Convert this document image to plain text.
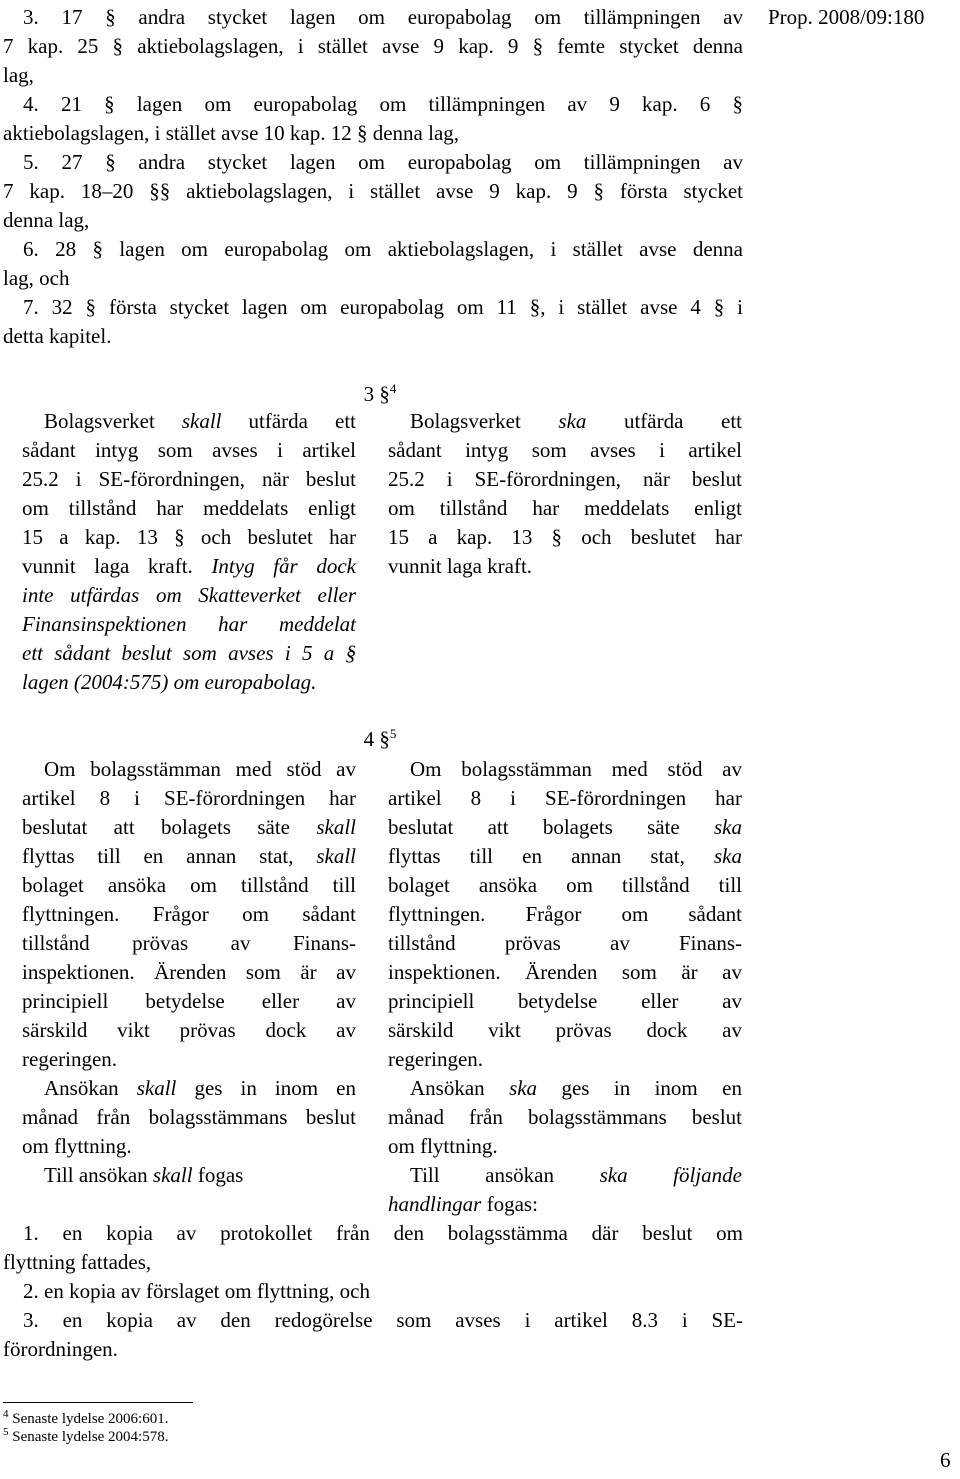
Prop. 2008/09:180
3. 17 § andra stycket lagen om europabolag om tillämpningen av
7 kap. 25 § aktiebolagslagen, i stället avse 9 kap. 9 § femte stycket denna
lag,
4. 21 § lagen om europabolag om tillämpningen av 9 kap. 6 §
aktiebolagslagen, i stället avse 10 kap. 12 § denna lag,
5. 27 § andra stycket lagen om europabolag om tillämpningen av
7 kap. 18–20 §§ aktiebolagslagen, i stället avse 9 kap. 9 § första stycket
denna lag,
6. 28 § lagen om europabolag om aktiebolagslagen, i stället avse denna
lag, och
7. 32 § första stycket lagen om europabolag om 11 §, i stället avse 4 § i
detta kapitel.
3 §$^4$
Bolagsverket skall utfärda ett
sådant intyg som avses i artikel
25.2 i SE-förordningen, när beslut
om tillstånd har meddelats enligt
15 a kap. 13 § och beslutet har
vunnit laga kraft. Intyg får dock
inte utfärdas om Skatteverket eller
Finansinspektionen har meddelat
ett sådant beslut som avses i 5 a §
lagen (2004:575) om europabolag.
Bolagsverket ska utfärda ett
sådant intyg som avses i artikel
25.2 i SE-förordningen, när beslut
om tillstånd har meddelats enligt
15 a kap. 13 § och beslutet har
vunnit laga kraft.
4 §$^5$
Om bolagsstämman med stöd av
artikel 8 i SE-förordningen har
beslutat att bolagets säte skall
flyttas till en annan stat, skall
bolaget ansöka om tillstånd till
flyttningen. Frågor om sådant
tillstånd prövas av Finans-
inspektionen. Ärenden som är av
principiell betydelse eller av
särskild vikt prövas dock av
regeringen.
Ansökan skall ges in inom en
månad från bolagsstämmans beslut
om flyttning.
Till ansökan skall fogas
Om bolagsstämman med stöd av
artikel 8 i SE-förordningen har
beslutat att bolagets säte ska
flyttas till en annan stat, ska
bolaget ansöka om tillstånd till
flyttningen. Frågor om sådant
tillstånd prövas av Finans-
inspektionen. Ärenden som är av
principiell betydelse eller av
särskild vikt prövas dock av
regeringen.
Ansökan ska ges in inom en
månad från bolagsstämmans beslut
om flyttning.
Till ansökan ska följande
handlingar fogas:
1. en kopia av protokollet från den bolagsstämma där beslut om
flyttning fattades,
2. en kopia av förslaget om flyttning, och
3. en kopia av den redogörelse som avses i artikel 8.3 i SE-
förordningen.
$^4$ Senaste lydelse 2006:601.
$^5$ Senaste lydelse 2004:578.
6
